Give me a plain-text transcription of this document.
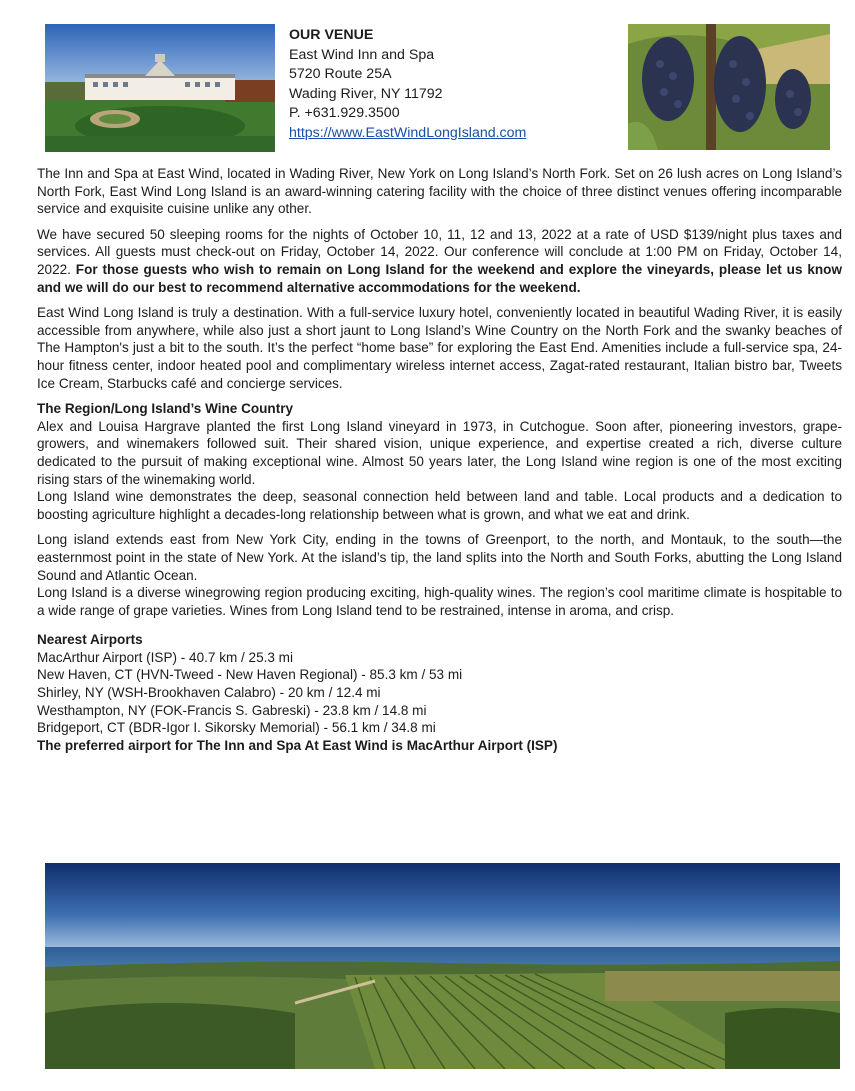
OUR VENUE
East Wind Inn and Spa
5720 Route 25A
Wading River, NY 11792
P. +631.929.3500
https://www.EastWindLongIsland.com

The Inn and Spa at East Wind, located in Wading River, New York on Long Island’s North Fork. Set on 26 lush acres on Long Island’s North Fork, East Wind Long Island is an award-winning catering facility with the choice of three distinct venues offering incomparable service and exquisite cuisine unlike any other.

We have secured 50 sleeping rooms for the nights of October 10, 11, 12 and 13, 2022 at a rate of USD $139/night plus taxes and services. All guests must check-out on Friday, October 14, 2022. Our conference will conclude at 1:00 PM on Friday, October 14, 2022. For those guests who wish to remain on Long Island for the weekend and explore the vineyards, please let us know and we will do our best to recommend alternative accommodations for the weekend.

East Wind Long Island is truly a destination. With a full-service luxury hotel, conveniently located in beautiful Wading River, it is easily accessible from anywhere, while also just a short jaunt to Long Island’s Wine Country on the North Fork and the swanky beaches of The Hampton's just a bit to the south. It’s the perfect “home base” for exploring the East End. Amenities include a full-service spa, 24-hour fitness center, indoor heated pool and complimentary wireless internet access, Zagat-rated restaurant, Italian bistro bar, Tweets Ice Cream, Starbucks café and concierge services.

The Region/Long Island’s Wine Country

Alex and Louisa Hargrave planted the first Long Island vineyard in 1973, in Cutchogue. Soon after, pioneering investors, grape-growers, and winemakers followed suit. Their shared vision, unique experience, and expertise created a rich, diverse culture dedicated to the pursuit of making exceptional wine. Almost 50 years later, the Long Island wine region is one of the most exciting rising stars of the winemaking world.

Long Island wine demonstrates the deep, seasonal connection held between land and table. Local products and a dedication to boosting agriculture highlight a decades-long relationship between what is grown, and what we eat and drink.

Long island extends east from New York City, ending in the towns of Greenport, to the north, and Montauk, to the south—the easternmost point in the state of New York. At the island’s tip, the land splits into the North and South Forks, abutting the Long Island Sound and Atlantic Ocean.

Long Island is a diverse winegrowing region producing exciting, high-quality wines. The region’s cool maritime climate is hospitable to a wide range of grape varieties. Wines from Long Island tend to be restrained, intense in aroma, and crisp.

Nearest Airports
MacArthur Airport (ISP) - 40.7 km / 25.3 mi
New Haven, CT (HVN-Tweed - New Haven Regional) - 85.3 km / 53 mi
Shirley, NY (WSH-Brookhaven Calabro) - 20 km / 12.4 mi
Westhampton, NY (FOK-Francis S. Gabreski) - 23.8 km / 14.8 mi
Bridgeport, CT (BDR-Igor I. Sikorsky Memorial) - 56.1 km / 34.8 mi
The preferred airport for The Inn and Spa At East Wind is MacArthur Airport (ISP)
